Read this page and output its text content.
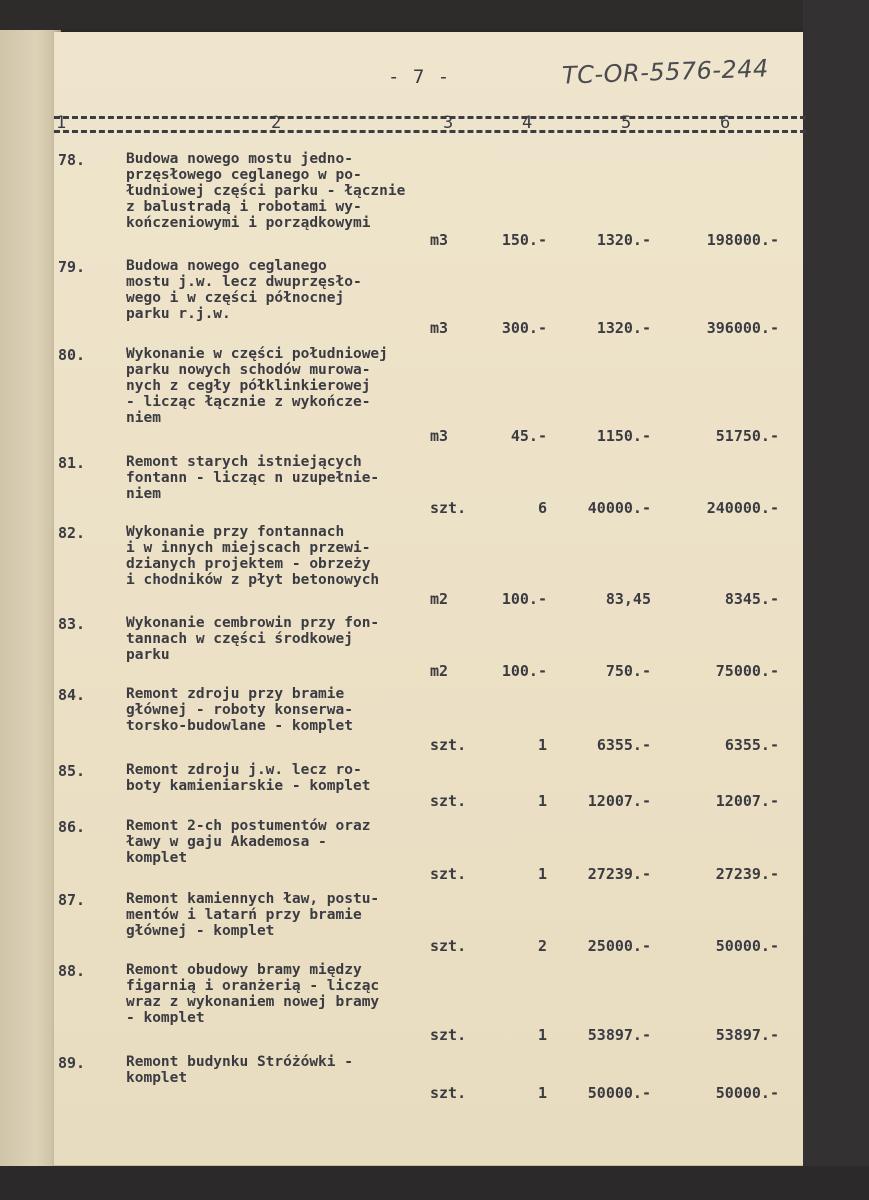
- 7 -	TC-OR-5576-244
1	2	3	4	5	6
78.	Budowa nowego mostu jedno-
przęsłowego ceglanego w po-
łudniowej części parku - łącznie
z balustradą i robotami wy-
kończeniowymi i porządkowymi
m3	150.-	1320.-	198000.-
79.	Budowa nowego ceglanego
mostu j.w. lecz dwuprzęsło-
wego i w części północnej
parku r.j.w.
m3	300.-	1320.-	396000.-
80.	Wykonanie w części południowej
parku nowych schodów murowa-
nych z cegły półklinkierowej
- licząc łącznie z wykończe-
niem
m3	45.-	1150.-	51750.-
81.	Remont starych istniejących
fontann - licząc n uzupełnie-
niem
szt.	6	40000.-	240000.-
82.	Wykonanie przy fontannach
i w innych miejscach przewi-
dzianych projektem - obrzeży
i chodników z płyt betonowych
m2	100.-	83,45	8345.-
83.	Wykonanie cembrowin przy fon-
tannach w części środkowej
parku
m2	100.-	750.-	75000.-
84.	Remont zdroju przy bramie
głównej - roboty konserwa-
torsko-budowlane - komplet
szt.	1	6355.-	6355.-
85.	Remont zdroju j.w. lecz ro-
boty kamieniarskie - komplet
szt.	1	12007.-	12007.-
86.	Remont 2-ch postumentów oraz
ławy w gaju Akademosa -
komplet
szt.	1	27239.-	27239.-
87.	Remont kamiennych ław, postu-
mentów i latarń przy bramie
głównej - komplet
szt.	2	25000.-	50000.-
88.	Remont obudowy bramy między
figarnią i oranżerią - licząc
wraz z wykonaniem nowej bramy
- komplet
szt.	1	53897.-	53897.-
89.	Remont budynku Stróżówki -
komplet
szt.	1	50000.-	50000.-
